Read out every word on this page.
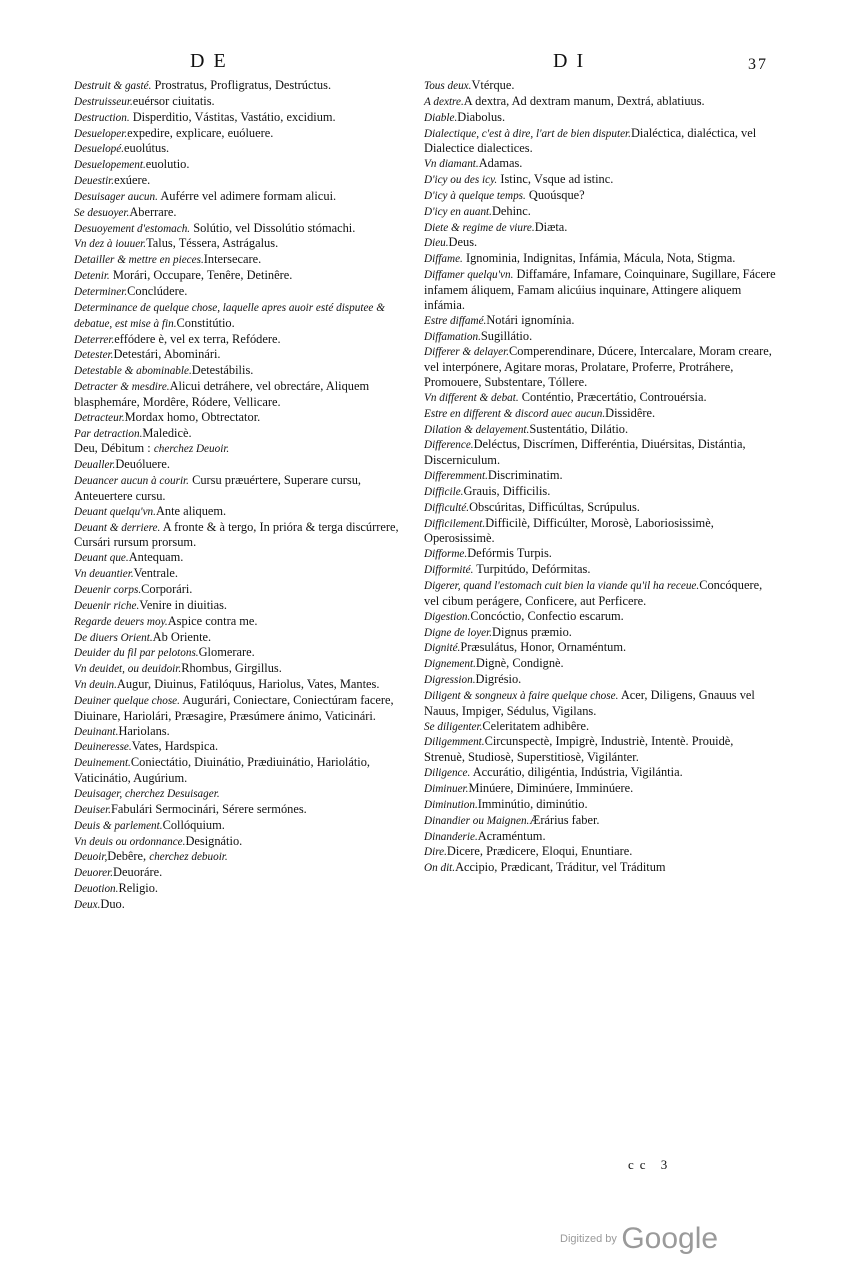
D E	D I	37
Destruit & gasté. Prostratus, Profligratus, Destrúctus.
Destruisseur.euérsor ciuitatis.
Destruction. Disperditio, Vástitas, Vastátio, excidium.
Desueloper.expedire, explicare, euóluere.
Desuelopé.euolútus.
Desuelopement.euolutio.
Deuestir.exúere.
Desuisager aucun. Auférre vel adimere formam alicui.
Se desuoyer.Aberrare.
Desuoyement d'estomach. Solútio, vel Dissolútio stómachi.
Vn dez à iouuer.Talus, Téssera, Astrágalus.
Detailler & mettre en pieces.Intersecare.
Detenir. Morári, Occupare, Tenêre, Detinêre.
Determiner.Conclúdere.
Determinance de quelque chose, laquelle apres auoir esté disputee & debatue, est mise à fin.Constitútio.
Deterrer.effódere è, vel ex terra, Refódere.
Detester.Detestári, Abominári.
Detestable & abominable.Detestábilis.
Detracter & mesdire.Alicui detráhere, vel obrectáre, Aliquem blasphemáre, Mordêre, Ródere, Vellicare.
Detracteur.Mordax homo, Obtrectator.
Par detraction.Maledicè.
Deu, Débitum : cherchez Deuoir.
Deualler.Deuóluere.
Deuancer aucun à courir. Cursu præuértere, Superare cursu, Anteuertere cursu.
Deuant quelqu'vn.Ante aliquem.
Deuant & derriere. A fronte & à tergo, In prióra & terga discúrrere, Cursári rursum prorsum.
Deuant que.Antequam.
Vn deuantier.Ventrale.
Deuenir corps.Corporári.
Deuenir riche.Venire in diuitias.
Regarde deuers moy.Aspice contra me.
De diuers Orient.Ab Oriente.
Deuider du fil par pelotons.Glomerare.
Vn deuidet, ou deuidoir.Rhombus, Girgillus.
Vn deuin.Augur, Diuinus, Fatilóquus, Hariolus, Vates, Mantes.
Deuiner quelque chose. Augurári, Coniectare, Coniectúram facere, Diuinare, Hariolári, Præsagire, Præsúmere ánimo, Vaticinári.
Deuinant.Hariolans.
Deuineresse.Vates, Hardspica.
Deuinement.Coniectátio, Diuinátio, Prædiuinátio, Hariolátio, Vaticinátio, Augúrium.
Deuisager, cherchez Desuisager.
Deuiser.Fabulári Sermocinári, Sérere sermónes.
Deuis & parlement.Collóquium.
Vn deuis ou ordonnance.Designátio.
Deuoir,Debêre, cherchez debuoir.
Deuorer.Deuoráre.
Deuotion.Religio.
Deux.Duo.
Tous deux.Vtérque.
A dextre.A dextra, Ad dextram manum, Dextrá, ablatiuus.
Diable.Diabolus.
Dialectique, c'est à dire, l'art de bien disputer.Dialéctica, dialéctica, vel Dialectice dialectices.
Vn diamant.Adamas.
D'icy ou des icy. Istinc, Vsque ad istinc.
D'icy à quelque temps. Quoúsque?
D'icy en auant.Dehinc.
Diete & regime de viure.Diæta.
Dieu.Deus.
Diffame. Ignominia, Indignitas, Infámia, Mácula, Nota, Stigma.
Diffamer quelqu'vn. Diffamáre, Infamare, Coinquinare, Sugillare, Fácere infamem áliquem, Famam alicúius inquinare, Attingere aliquem infámia.
Estre diffamé.Notári ignomínia.
Diffamation.Sugillátio.
Differer & delayer.Comperendinare, Dúcere, Intercalare, Moram creare, vel interpónere, Agitare moras, Prolatare, Proferre, Protráhere, Promouere, Substentare, Tóllere.
Vn different & debat. Conténtio, Præcertátio, Controuérsia.
Estre en different & discord auec aucun.Dissidêre.
Dilation & delayement.Sustentátio, Dilátio.
Difference.Deléctus, Discrímen, Differéntia, Diuérsitas, Distántia, Discerniculum.
Differemment.Discriminatim.
Difficile.Grauis, Difficilis.
Difficulté.Obscúritas, Difficúltas, Scrúpulus.
Difficilement.Difficilè, Difficúlter, Morosè, Laboriosissimè, Operosissimè.
Difforme.Defórmis Turpis.
Difformité. Turpitúdo, Defórmitas.
Digerer, quand l'estomach cuit bien la viande qu'il ha receue.Concóquere, vel cibum perágere, Conficere, aut Perficere.
Digestion.Concóctio, Confectio escarum.
Digne de loyer.Dignus præmio.
Dignité.Præsulátus, Honor, Ornaméntum.
Dignement.Dignè, Condignè.
Digression.Digrésio.
Diligent & songneux à faire quelque chose. Acer, Diligens, Gnauus vel Nauus, Impiger, Sédulus, Vigilans.
Se diligenter.Celeritatem adhibêre.
Diligemment.Circunspectè, Impigrè, Industriè, Intentè. Prouidè, Strenuè, Studiosè, Superstitiosè, Vigilánter.
Diligence. Accurátio, diligéntia, Indústria, Vigilántia.
Diminuer.Minúere, Diminúere, Imminúere.
Diminution.Imminútio, diminútio.
Dinandier ou Maignen.Ærárius faber.
Dinanderie.Acraméntum.
Dire.Dicere, Prædicere, Eloqui, Enuntiare.
On dit.Accipio, Prædicant, Tráditur, vel Tráditum
cc 3
Digitized by Google
